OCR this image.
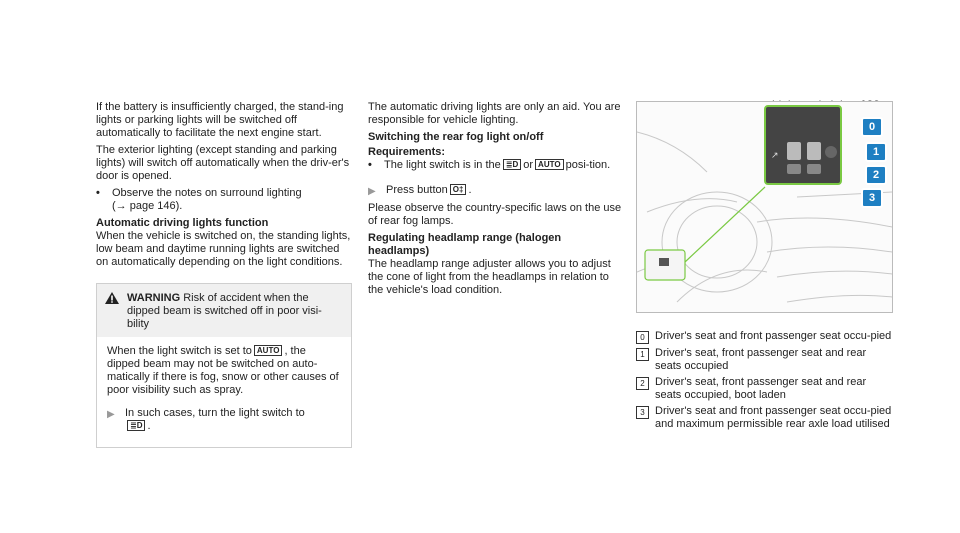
If the battery is insufficiently charged, the stand-ing lights or parking lights will be switched off automatically to facilitate the next engine start.

The exterior lighting (except standing and parking lights) will switch off automatically when the driv-er's door is opened.

•	Observe the notes on surround lighting
(→ page 146).

Automatic driving lights function

When the vehicle is switched on, the standing lights, low beam and daytime running lights are switched on automatically depending on the light conditions.

WARNING Risk of accident when the dipped beam is switched off in poor visi-bility
When the light switch is set to AUTO , the dipped beam may not be switched on auto-matically if there is fog, snow or other causes of poor visibility such as spray.
▶ In such cases, turn the light switch to
≣D .

The automatic driving lights are only an aid. You are responsible for vehicle lighting.

Switching the rear fog light on/off

Requirements:

•	The light switch is in the ≣D or AUTO posi-tion.
▶ Press button O‡ .

Please observe the country-specific laws on the use of rear fog lamps.

Regulating headlamp range (halogen headlamps)

The headlamp range adjuster allows you to adjust the cone of light from the headlamps in relation to the vehicle's load condition.

↗
0
1
2
3
0 Driver's seat and front passenger seat occu-pied
1 Driver's seat, front passenger seat and rear seats occupied
2 Driver's seat, front passenger seat and rear seats occupied, boot laden
3 Driver's seat and front passenger seat occu-pied and maximum permissible rear axle load utilised
